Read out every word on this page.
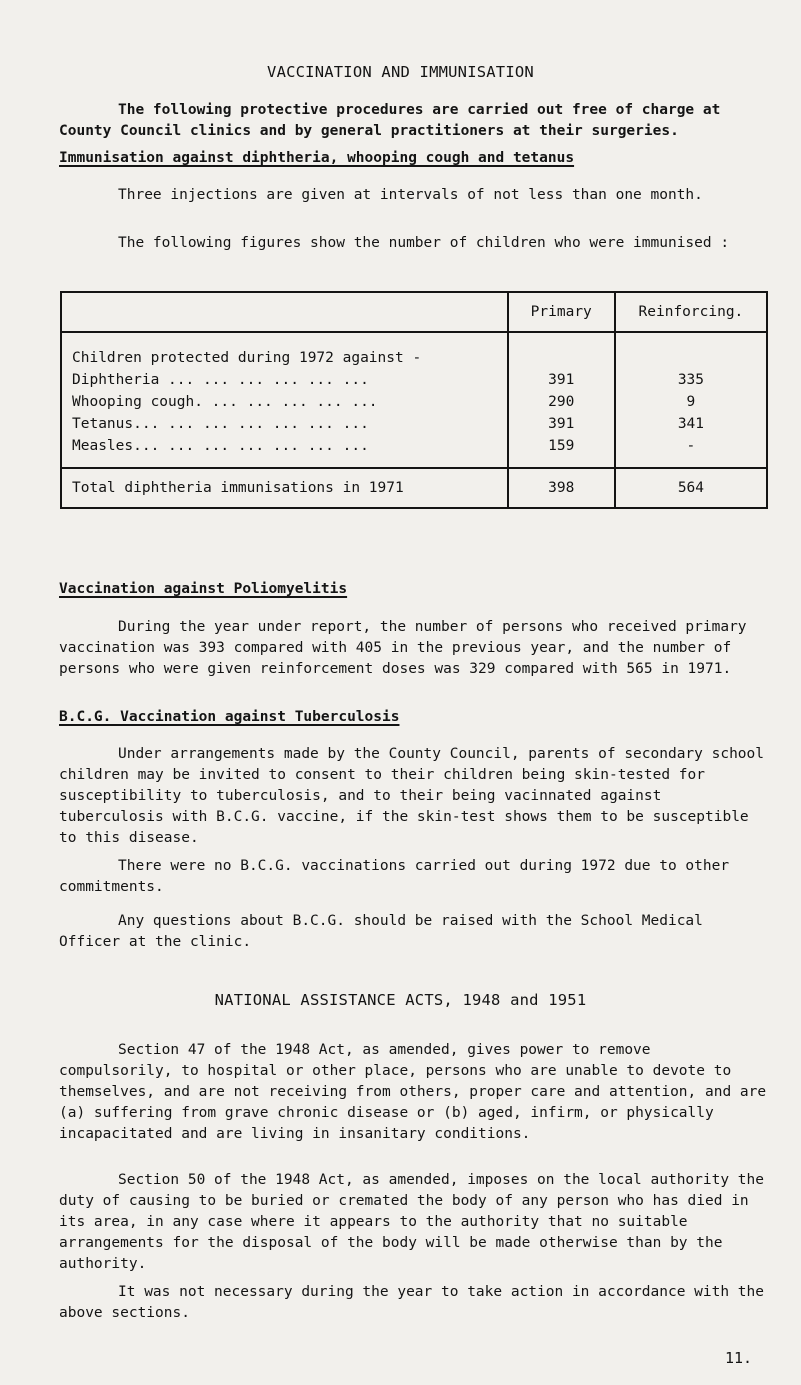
VACCINATION AND IMMUNISATION
The following protective procedures are carried out free of charge at County Council clinics and by general practitioners at their surgeries.
Immunisation against diphtheria, whooping cough and tetanus
Three injections are given at intervals of not less than one month.
The following figures show the number of children who were immunised :
	Primary	Reinforcing.
Children protected during 1972 against -		
Diphtheria ... ... ... ... ... ...	391	335
Whooping cough. ... ... ... ... ...	290	9
Tetanus... ... ... ... ... ... ...	391	341
Measles... ... ... ... ... ... ...	159	-
Total diphtheria immunisations in 1971	398	564
Vaccination against Poliomyelitis
During the year under report, the number of persons who received primary vaccination was 393 compared with 405 in the previous year, and the number of persons who were given reinforcement doses was 329 compared with 565 in 1971.
B.C.G. Vaccination against Tuberculosis
Under arrangements made by the County Council, parents of secondary school children may be invited to consent to their children being skin-tested for susceptibility to tuberculosis, and to their being vacinnated against tuberculosis with B.C.G. vaccine, if the skin-test shows them to be susceptible to this disease.
There were no B.C.G. vaccinations carried out during 1972 due to other commitments.
Any questions about B.C.G. should be raised with the School Medical Officer at the clinic.
NATIONAL ASSISTANCE ACTS, 1948 and 1951
Section 47 of the 1948 Act, as amended, gives power to remove compulsorily, to hospital or other place, persons who are unable to devote to themselves, and are not receiving from others, proper care and attention, and are (a) suffering from grave chronic disease or (b) aged, infirm, or physically incapacitated and are living in insanitary conditions.
Section 50 of the 1948 Act, as amended, imposes on the local authority the duty of causing to be buried or cremated the body of any person who has died in its area, in any case where it appears to the authority that no suitable arrangements for the disposal of the body will be made otherwise than by the authority.
It was not necessary during the year to take action in accordance with the above sections.
11.
